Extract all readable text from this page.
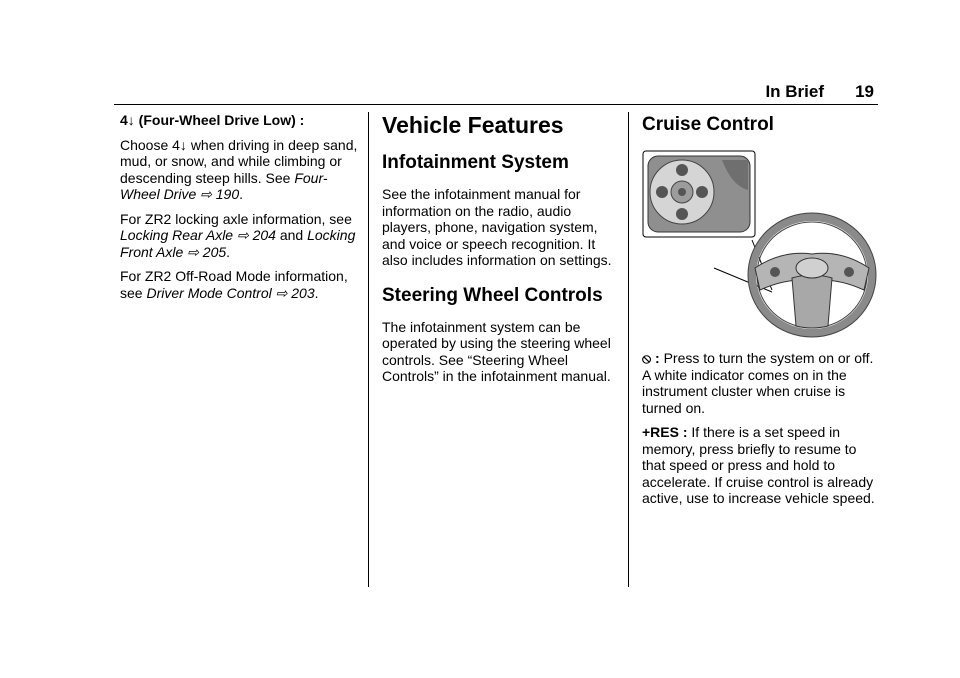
In Brief 19

4↓ (Four-Wheel Drive Low) :

Choose 4↓ when driving in deep sand, mud, or snow, and while climbing or descending steep hills. See Four-Wheel Drive ⇨ 190.

For ZR2 locking axle information, see Locking Rear Axle ⇨ 204 and Locking Front Axle ⇨ 205.

For ZR2 Off-Road Mode information, see Driver Mode Control ⇨ 203.

Vehicle Features
Infotainment System

See the infotainment manual for information on the radio, audio players, phone, navigation system, and voice or speech recognition. It also includes information on settings.

Steering Wheel Controls

The infotainment system can be operated by using the steering wheel controls. See “Steering Wheel Controls” in the infotainment manual.

Cruise Control

⦸ : Press to turn the system on or off. A white indicator comes on in the instrument cluster when cruise is turned on.

+RES : If there is a set speed in memory, press briefly to resume to that speed or press and hold to accelerate. If cruise control is already active, use to increase vehicle speed.
